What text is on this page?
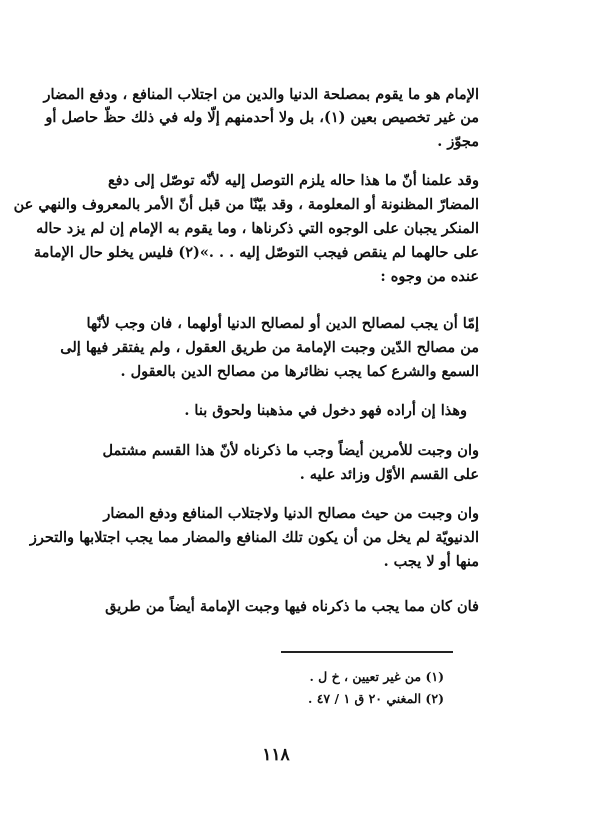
الإمام هو ما يقوم بمصلحة الدنيا والدين من اجتلاب المنافع ، ودفع المضار
من غير تخصيص بعين (١)، بل ولا أحدمنهم إلّا وله في ذلك حظّ حاصل أو
مجوّز .
وقد علمنا أنّ ما هذا حاله يلزم التوصل إليه لأنّه توصّل إلى دفع
المضارّ المظنونة أو المعلومة ، وقد بيّنّا من قبل أنّ الأمر بالمعروف والنهي عن
المنكر يجبان على الوجوه التي ذكرناها ، وما يقوم به الإمام إن لم يزد حاله
على حالهما لم ينقص فيجب التوصّل إليه . . .»(٢) فليس يخلو حال الإمامة
عنده من وجوه :
إمّا أن يجب لمصالح الدين أو لمصالح الدنيا أولهما ، فان وجب لأنّها
من مصالح الدّين وجبت الإمامة من طريق العقول ، ولم يفتقر فيها إلى
السمع والشرع كما يجب نظائرها من مصالح الدين بالعقول .
وهذا إن أراده فهو دخول في مذهبنا ولحوق بنا .
وان وجبت للأمرين أيضاً وجب ما ذكرناه لأنّ هذا القسم مشتمل
على القسم الأوّل وزائد عليه .
وان وجبت من حيث مصالح الدنيا ولاجتلاب المنافع ودفع المضار
الدنيويّة لم يخل من أن يكون تلك المنافع والمضار مما يجب اجتلابها والتحرز
منها أو لا يجب .
فان كان مما يجب ما ذكرناه فيها وجبت الإمامة أيضاً من طريق
(١) من غير تعيين ، خ ل .
(٢) المغني ٢٠ ق ١ / ٤٧ .
١١٨
